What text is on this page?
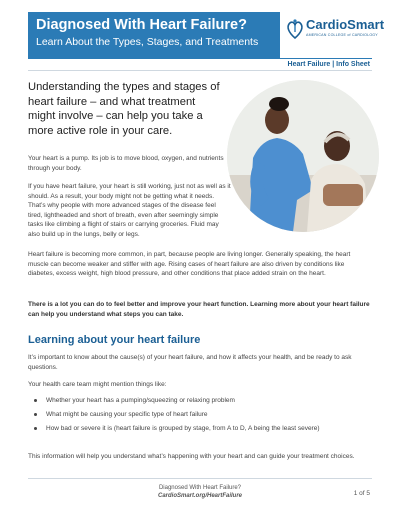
Diagnosed With Heart Failure?
Learn About the Types, Stages, and Treatments
CardioSmart
AMERICAN COLLEGE of CARDIOLOGY
Heart Failure | Info Sheet
Understanding the types and stages of heart failure – and what treatment might involve – can help you take a more active role in your care.
Your heart is a pump. Its job is to move blood, oxygen, and nutrients through your body.
If you have heart failure, your heart is still working, just not as well as it should. As a result, your body might not be getting what it needs. That’s why people with more advanced stages of the disease feel tired, lightheaded and short of breath, even after seemingly simple tasks like climbing a flight of stairs or carrying groceries. Fluid may also build up in the lungs, belly or legs.
Heart failure is becoming more common, in part, because people are living longer. Generally speaking, the heart muscle can become weaker and stiffer with age. Rising cases of heart failure are also driven by conditions like diabetes, excess weight, high blood pressure, and other conditions that place added strain on the heart.
There is a lot you can do to feel better and improve your heart function. Learning more about your heart failure can help you understand what steps you can take.
Learning about your heart failure
It’s important to know about the cause(s) of your heart failure, and how it affects your health, and be ready to ask questions.
Your health care team might mention things like:
Whether your heart has a pumping/squeezing or relaxing problem
What might be causing your specific type of heart failure
How bad or severe it is (heart failure is grouped by stage, from A to D, A being the least severe)
This information will help you understand what’s happening with your heart and can guide your treatment choices.
Diagnosed With Heart Failure?
CardioSmart.org/HeartFailure	1 of 5
